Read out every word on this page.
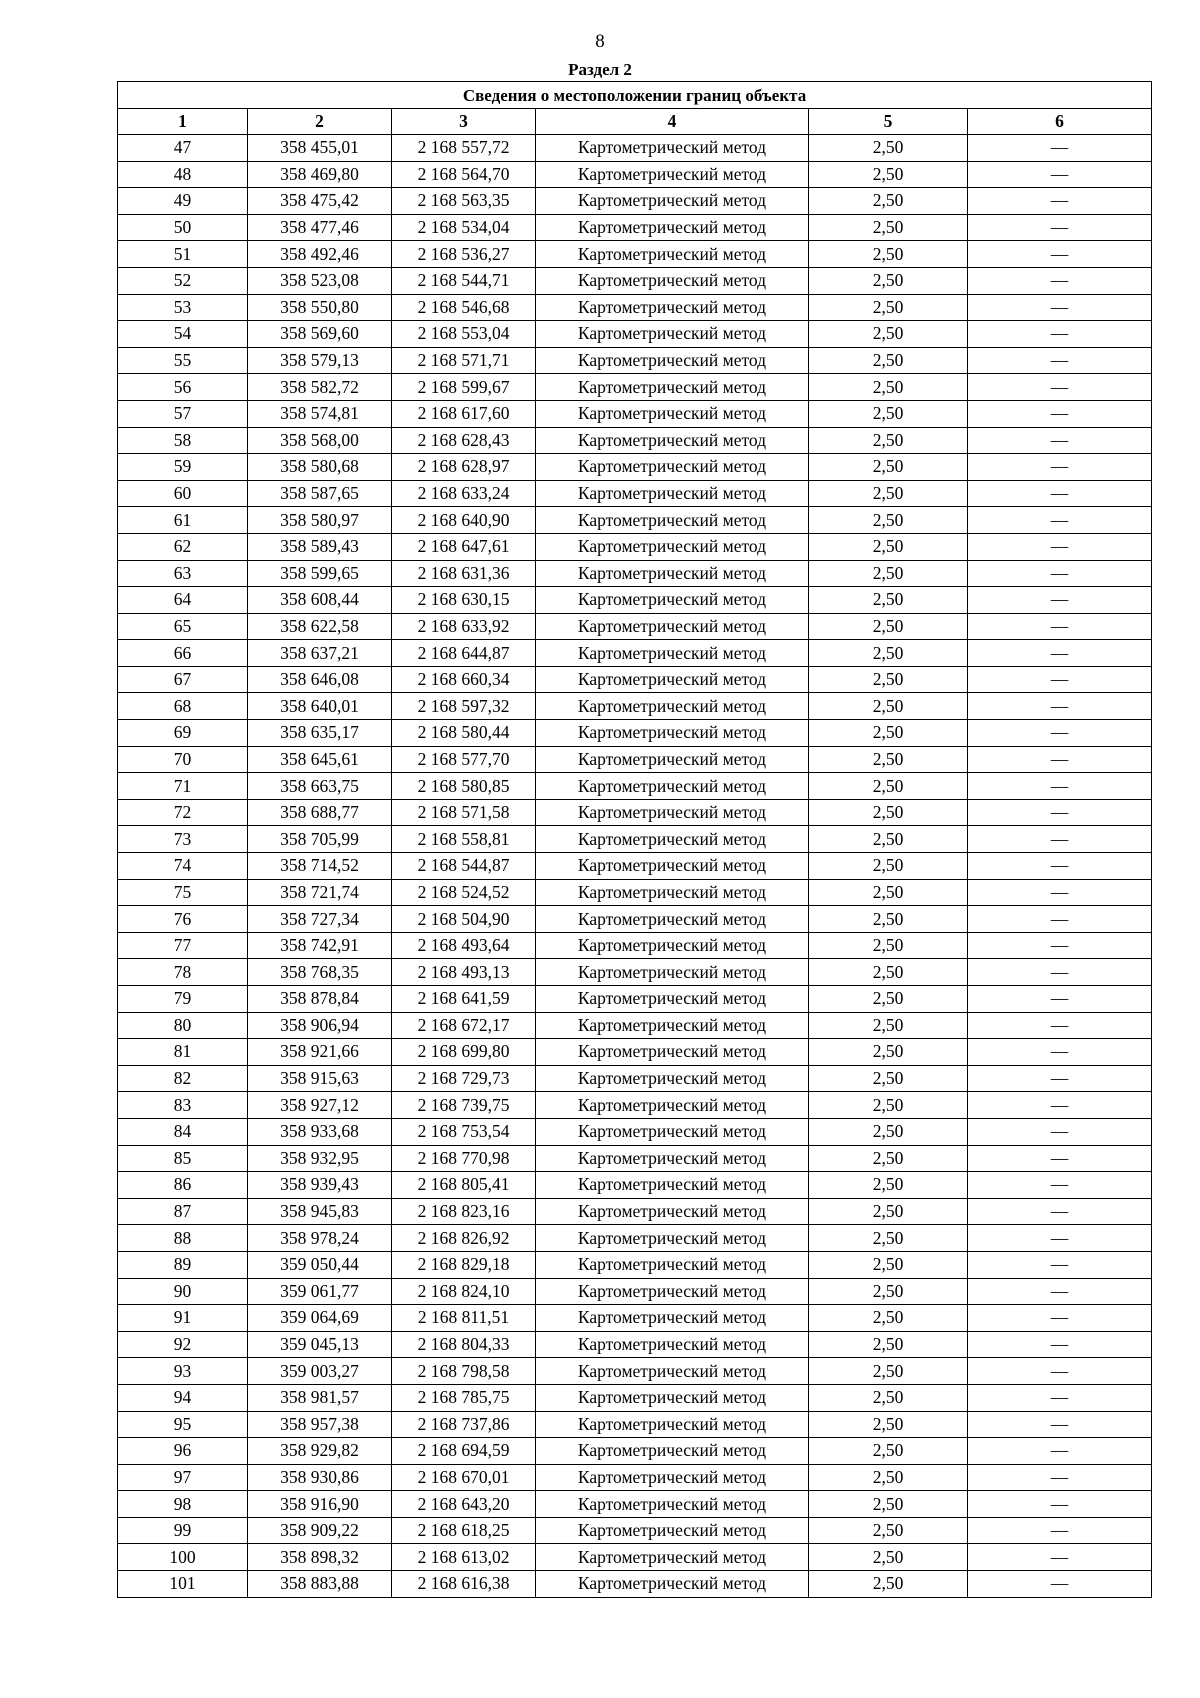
8
Раздел 2
Сведения о местоположении границ объекта					
1	2	3	4	5	6
47	358 455,01	2 168 557,72	Картометрический метод	2,50	—
48	358 469,80	2 168 564,70	Картометрический метод	2,50	—
49	358 475,42	2 168 563,35	Картометрический метод	2,50	—
50	358 477,46	2 168 534,04	Картометрический метод	2,50	—
51	358 492,46	2 168 536,27	Картометрический метод	2,50	—
52	358 523,08	2 168 544,71	Картометрический метод	2,50	—
53	358 550,80	2 168 546,68	Картометрический метод	2,50	—
54	358 569,60	2 168 553,04	Картометрический метод	2,50	—
55	358 579,13	2 168 571,71	Картометрический метод	2,50	—
56	358 582,72	2 168 599,67	Картометрический метод	2,50	—
57	358 574,81	2 168 617,60	Картометрический метод	2,50	—
58	358 568,00	2 168 628,43	Картометрический метод	2,50	—
59	358 580,68	2 168 628,97	Картометрический метод	2,50	—
60	358 587,65	2 168 633,24	Картометрический метод	2,50	—
61	358 580,97	2 168 640,90	Картометрический метод	2,50	—
62	358 589,43	2 168 647,61	Картометрический метод	2,50	—
63	358 599,65	2 168 631,36	Картометрический метод	2,50	—
64	358 608,44	2 168 630,15	Картометрический метод	2,50	—
65	358 622,58	2 168 633,92	Картометрический метод	2,50	—
66	358 637,21	2 168 644,87	Картометрический метод	2,50	—
67	358 646,08	2 168 660,34	Картометрический метод	2,50	—
68	358 640,01	2 168 597,32	Картометрический метод	2,50	—
69	358 635,17	2 168 580,44	Картометрический метод	2,50	—
70	358 645,61	2 168 577,70	Картометрический метод	2,50	—
71	358 663,75	2 168 580,85	Картометрический метод	2,50	—
72	358 688,77	2 168 571,58	Картометрический метод	2,50	—
73	358 705,99	2 168 558,81	Картометрический метод	2,50	—
74	358 714,52	2 168 544,87	Картометрический метод	2,50	—
75	358 721,74	2 168 524,52	Картометрический метод	2,50	—
76	358 727,34	2 168 504,90	Картометрический метод	2,50	—
77	358 742,91	2 168 493,64	Картометрический метод	2,50	—
78	358 768,35	2 168 493,13	Картометрический метод	2,50	—
79	358 878,84	2 168 641,59	Картометрический метод	2,50	—
80	358 906,94	2 168 672,17	Картометрический метод	2,50	—
81	358 921,66	2 168 699,80	Картометрический метод	2,50	—
82	358 915,63	2 168 729,73	Картометрический метод	2,50	—
83	358 927,12	2 168 739,75	Картометрический метод	2,50	—
84	358 933,68	2 168 753,54	Картометрический метод	2,50	—
85	358 932,95	2 168 770,98	Картометрический метод	2,50	—
86	358 939,43	2 168 805,41	Картометрический метод	2,50	—
87	358 945,83	2 168 823,16	Картометрический метод	2,50	—
88	358 978,24	2 168 826,92	Картометрический метод	2,50	—
89	359 050,44	2 168 829,18	Картометрический метод	2,50	—
90	359 061,77	2 168 824,10	Картометрический метод	2,50	—
91	359 064,69	2 168 811,51	Картометрический метод	2,50	—
92	359 045,13	2 168 804,33	Картометрический метод	2,50	—
93	359 003,27	2 168 798,58	Картометрический метод	2,50	—
94	358 981,57	2 168 785,75	Картометрический метод	2,50	—
95	358 957,38	2 168 737,86	Картометрический метод	2,50	—
96	358 929,82	2 168 694,59	Картометрический метод	2,50	—
97	358 930,86	2 168 670,01	Картометрический метод	2,50	—
98	358 916,90	2 168 643,20	Картометрический метод	2,50	—
99	358 909,22	2 168 618,25	Картометрический метод	2,50	—
100	358 898,32	2 168 613,02	Картометрический метод	2,50	—
101	358 883,88	2 168 616,38	Картометрический метод	2,50	—
